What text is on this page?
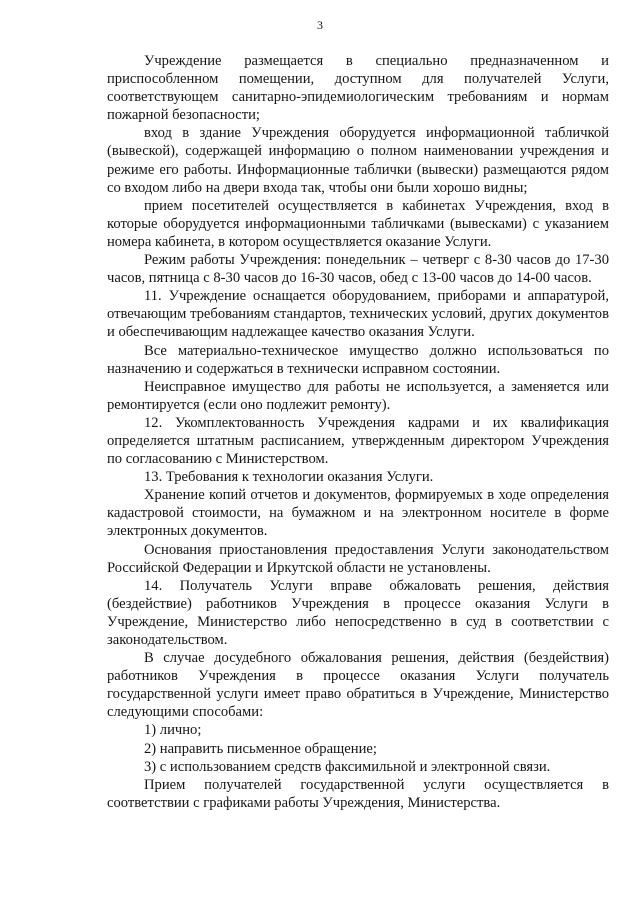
3

Учреждение размещается в специально предназначенном и приспособленном помещении, доступном для получателей Услуги, соответствующем санитарно-эпидемиологическим требованиям и нормам пожарной безопасности;

вход в здание Учреждения оборудуется информационной табличкой (вывеской), содержащей информацию о полном наименовании учреждения и режиме его работы. Информационные таблички (вывески) размещаются рядом со входом либо на двери входа так, чтобы они были хорошо видны;

прием посетителей осуществляется в кабинетах Учреждения, вход в которые оборудуется информационными табличками (вывесками) с указанием номера кабинета, в котором осуществляется оказание Услуги.

Режим работы Учреждения: понедельник – четверг с 8-30 часов до 17-30 часов, пятница с 8-30 часов до 16-30 часов, обед с 13-00 часов до 14-00 часов.

11. Учреждение оснащается оборудованием, приборами и аппаратурой, отвечающим требованиям стандартов, технических условий, других документов и обеспечивающим надлежащее качество оказания Услуги.

Все материально-техническое имущество должно использоваться по назначению и содержаться в технически исправном состоянии.

Неисправное имущество для работы не используется, а заменяется или ремонтируется (если оно подлежит ремонту).

12. Укомплектованность Учреждения кадрами и их квалификация определяется штатным расписанием, утвержденным директором Учреждения по согласованию с Министерством.

13. Требования к технологии оказания Услуги.

Хранение копий отчетов и документов, формируемых в ходе определения кадастровой стоимости, на бумажном и на электронном носителе в форме электронных документов.

Основания приостановления предоставления Услуги законодательством Российской Федерации и Иркутской области не установлены.

14. Получатель Услуги вправе обжаловать решения, действия (бездействие) работников Учреждения в процессе оказания Услуги в Учреждение, Министерство либо непосредственно в суд в соответствии с законодательством.

В случае досудебного обжалования решения, действия (бездействия) работников Учреждения в процессе оказания Услуги получатель государственной услуги имеет право обратиться в Учреждение, Министерство следующими способами:

1) лично;

2) направить письменное обращение;

3) с использованием средств факсимильной и электронной связи.

Прием получателей государственной услуги осуществляется в соответствии с графиками работы Учреждения, Министерства.
